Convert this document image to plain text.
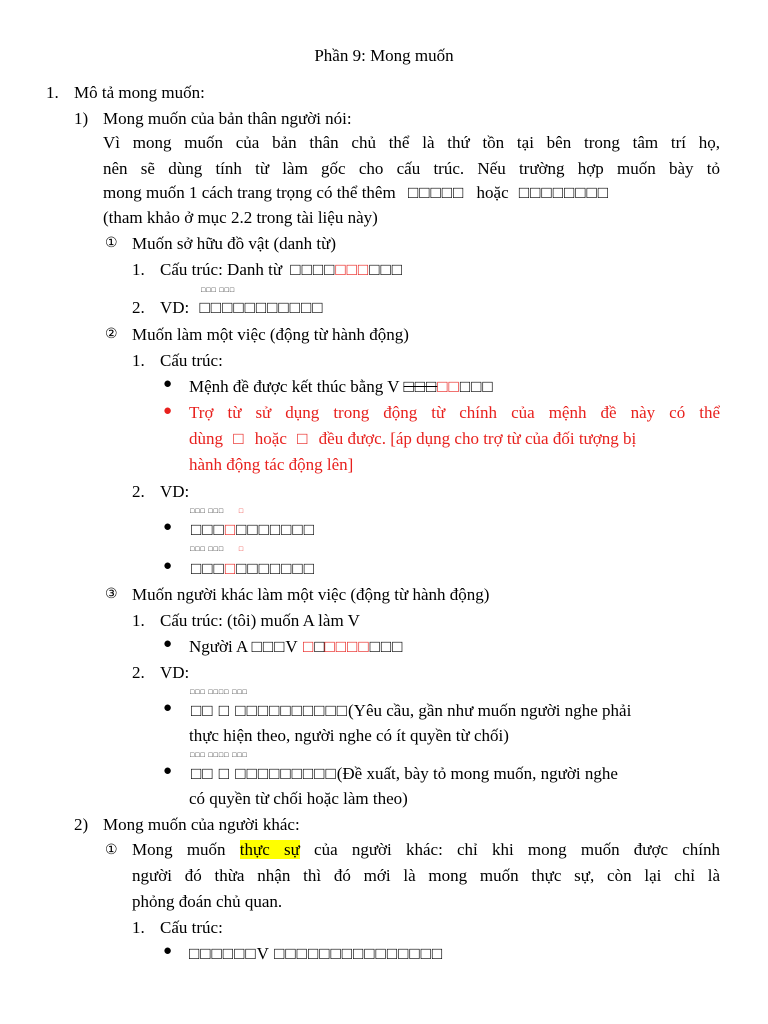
Phần 9: Mong muốn
1. Mô tả mong muốn:
1) Mong muốn của bản thân người nói:
Vì mong muốn của bản thân chủ thể là thứ tồn tại bên trong tâm trí họ,
nên sẽ dùng tính từ làm gốc cho cấu trúc. Nếu trường hợp muốn bày tỏ
mong muốn 1 cách trang trọng có thể thêm □□□□□ hoặc □□□□□□□□
(tham khảo ở mục 2.2 trong tài liệu này)
① Muốn sở hữu đồ vật (danh từ)
1. Cấu trúc: Danh từ □□□□□□□□□□
□□□ □□□
2. VD: □□□□□□□□□□□
② Muốn làm một việc (động từ hành động)
1. Cấu trúc:
● Mệnh đề được kết thúc bằng V □□□□□□□□
● Trợ từ sử dụng trong động từ chính của mệnh đề này có thể
dùng □ hoặc □ đều được. [áp dụng cho trợ từ của đối tượng bị
hành động tác động lên]
2. VD:
□□□ □□□ □
● □□□□□□□□□□□
□□□ □□□ □
● □□□□□□□□□□□
③ Muốn người khác làm một việc (động từ hành động)
1. Cấu trúc: (tôi) muốn A làm V
● Người A □□□V □□□□□□□□□
2. VD:
□□□ □□□□ □□□
● □□ □ □□□□□□□□□□(Yêu cầu, gần như muốn người nghe phải
thực hiện theo, người nghe có ít quyền từ chối)
□□□ □□□□ □□□
● □□ □ □□□□□□□□□(Đề xuất, bày tỏ mong muốn, người nghe
có quyền từ chối hoặc làm theo)
2) Mong muốn của người khác:
① Mong muốn thực sự của người khác: chỉ khi mong muốn được chính
người đó thừa nhận thì đó mới là mong muốn thực sự, còn lại chỉ là
phỏng đoán chủ quan.
1. Cấu trúc:
● □□□□□□V □□□□□□□□□□□□□□□
